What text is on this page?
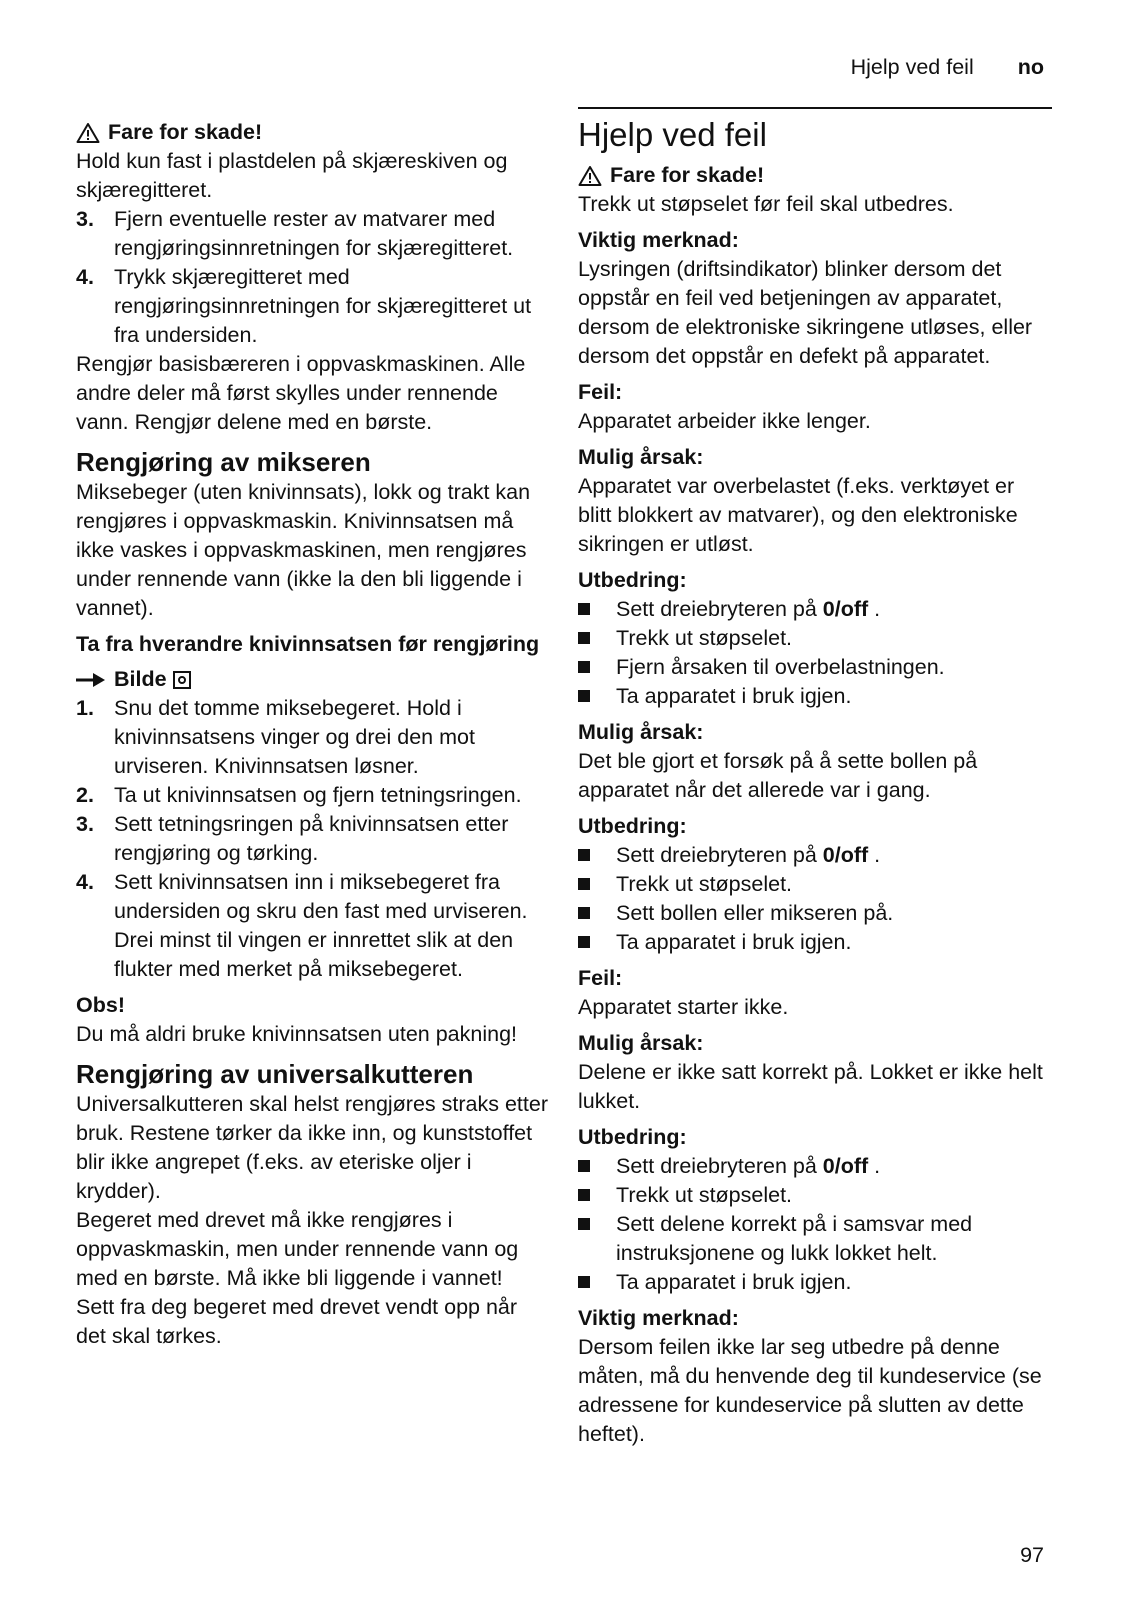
Hjelp ved feil no
Fare for skade!

Hold kun fast i plastdelen på skjæreskiven og skjæregitteret.

3. Fjern eventuelle rester av matvarer med rengjøringsinnretningen for skjæregitteret.
4. Trykk skjæregitteret med rengjøringsinnretningen for skjæregitteret ut fra undersiden.

Rengjør basisbæreren i oppvaskmaskinen. Alle andre deler må først skylles under rennende vann. Rengjør delene med en børste.

Rengjøring av mikseren

Miksebeger (uten knivinnsats), lokk og trakt kan rengjøres i oppvaskmaskin. Knivinnsatsen må ikke vaskes i oppvaskmaskinen, men rengjøres under rennende vann (ikke la den bli liggende i vannet).

Ta fra hverandre knivinnsatsen før rengjøring
Bilde
1. Snu det tomme miksebegeret. Hold i knivinnsatsens vinger og drei den mot urviseren. Knivinnsatsen løsner.
2. Ta ut knivinnsatsen og fjern tetningsringen.
3. Sett tetningsringen på knivinnsatsen etter rengjøring og tørking.
4. Sett knivinnsatsen inn i miksebegeret fra undersiden og skru den fast med urviseren. Drei minst til vingen er innrettet slik at den flukter med merket på miksebegeret.
Obs!

Du må aldri bruke knivinnsatsen uten pakning!

Rengjøring av universalkutteren

Universalkutteren skal helst rengjøres straks etter bruk. Restene tørker da ikke inn, og kunststoffet blir ikke angrepet (f.eks. av eteriske oljer i krydder).

Begeret med drevet må ikke rengjøres i oppvaskmaskin, men under rennende vann og med en børste. Må ikke bli liggende i vannet!

Sett fra deg begeret med drevet vendt opp når det skal tørkes.

Hjelp ved feil
Fare for skade!

Trekk ut støpselet før feil skal utbedres.

Viktig merknad:

Lysringen (driftsindikator) blinker dersom det oppstår en feil ved betjeningen av apparatet, dersom de elektroniske sikringene utløses, eller dersom det oppstår en defekt på apparatet.

Feil:

Apparatet arbeider ikke lenger.

Mulig årsak:

Apparatet var overbelastet (f.eks. verktøyet er blitt blokkert av matvarer), og den elektroniske sikringen er utløst.

Utbedring:
Sett dreiebryteren på 0/off .
Trekk ut støpselet.
Fjern årsaken til overbelastningen.
Ta apparatet i bruk igjen.
Mulig årsak:

Det ble gjort et forsøk på å sette bollen på apparatet når det allerede var i gang.

Utbedring:
Sett dreiebryteren på 0/off .
Trekk ut støpselet.
Sett bollen eller mikseren på.
Ta apparatet i bruk igjen.
Feil:

Apparatet starter ikke.

Mulig årsak:

Delene er ikke satt korrekt på. Lokket er ikke helt lukket.

Utbedring:
Sett dreiebryteren på 0/off .
Trekk ut støpselet.
Sett delene korrekt på i samsvar med instruksjonene og lukk lokket helt.
Ta apparatet i bruk igjen.
Viktig merknad:

Dersom feilen ikke lar seg utbedre på denne måten, må du henvende deg til kundeservice (se adressene for kundeservice på slutten av dette heftet).

97
